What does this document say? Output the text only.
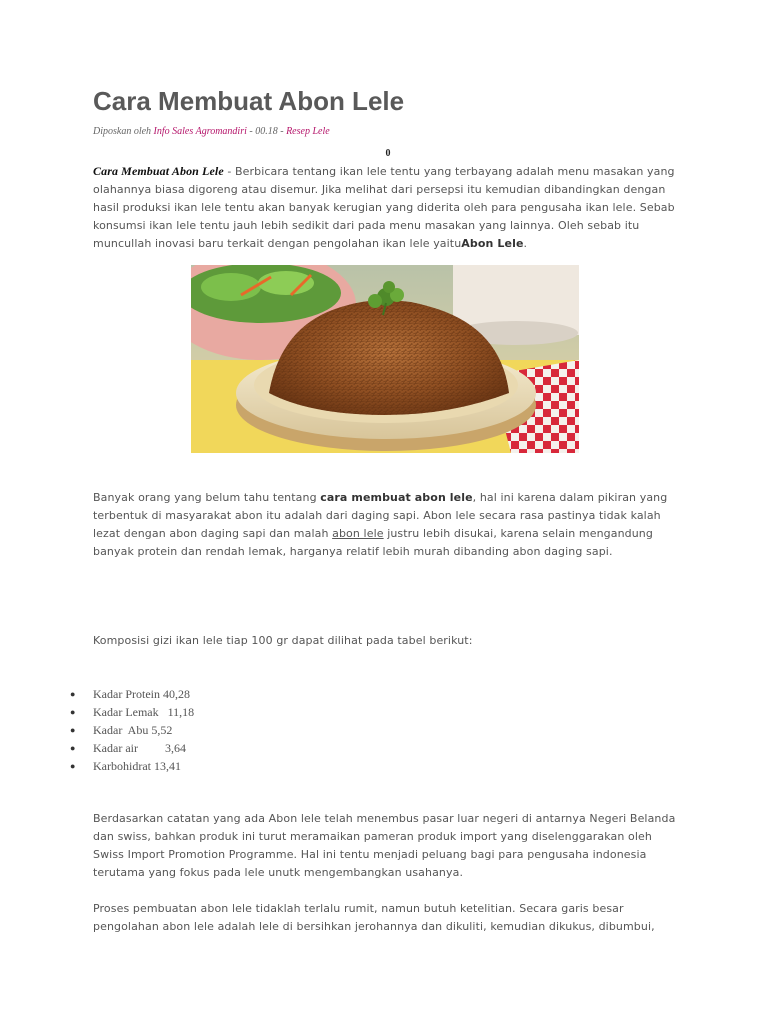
Cara Membuat Abon Lele
Diposkan oleh Info Sales Agromandiri - 00.18 - Resep Lele
0

Cara Membuat Abon Lele - Berbicara tentang ikan lele tentu yang terbayang adalah menu masakan yang olahannya biasa digoreng atau disemur. Jika melihat dari persepsi itu kemudian dibandingkan dengan hasil produksi ikan lele tentu akan banyak kerugian yang diderita oleh para pengusaha ikan lele. Sebab konsumsi ikan lele tentu jauh lebih sedikit dari pada menu masakan yang lainnya. Oleh sebab itu muncullah inovasi baru terkait dengan pengolahan ikan lele yaituAbon Lele.

Banyak orang yang belum tahu tentang cara membuat abon lele, hal ini karena dalam pikiran yang terbentuk di masyarakat abon itu adalah dari daging sapi. Abon lele secara rasa pastinya tidak kalah lezat dengan abon daging sapi dan malah abon lele justru lebih disukai, karena selain mengandung banyak protein dan rendah lemak, harganya relatif lebih murah dibanding abon daging sapi.

Komposisi gizi ikan lele tiap 100 gr dapat dilihat pada tabel berikut:

● Kadar Protein 40,28
● Kadar Lemak   11,18
● Kadar  Abu 5,52
● Kadar air         3,64
● Karbohidrat 13,41

Berdasarkan catatan yang ada Abon lele telah menembus pasar luar negeri di antarnya Negeri Belanda dan swiss, bahkan produk ini turut meramaikan pameran produk import yang diselenggarakan oleh Swiss Import Promotion Programme. Hal ini tentu menjadi peluang bagi para pengusaha indonesia terutama yang fokus pada lele unutk mengembangkan usahanya.

Proses pembuatan abon lele tidaklah terlalu rumit, namun butuh ketelitian. Secara garis besar pengolahan abon lele adalah lele di bersihkan jerohannya dan dikuliti, kemudian dikukus, dibumbui,
